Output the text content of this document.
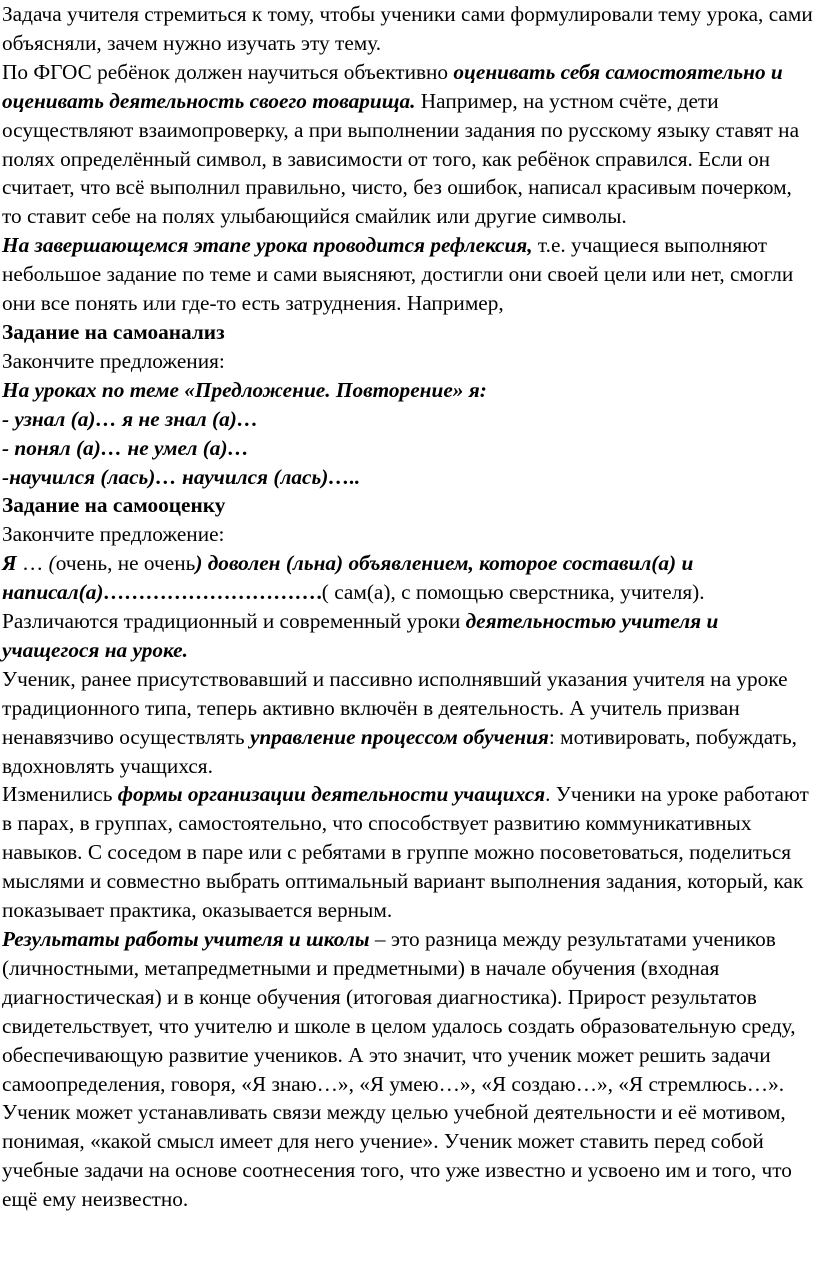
Задача учителя стремиться к тому, чтобы ученики сами формулировали тему урока, сами объясняли, зачем нужно изучать эту тему.

По ФГОС ребёнок должен научиться объективно оценивать себя самостоятельно и оценивать деятельность своего товарища. Например, на устном счёте, дети осуществляют взаимопроверку, а при выполнении задания по русскому языку ставят на полях определённый символ, в зависимости от того, как ребёнок справился. Если он считает, что всё выполнил правильно, чисто, без ошибок, написал красивым почерком, то ставит себе на полях улыбающийся смайлик или другие символы.

На завершающемся этапе урока проводится рефлексия, т.е. учащиеся выполняют небольшое задание по теме и сами выясняют, достигли они своей цели или нет, смогли они все понять или где-то есть затруднения. Например,

Задание на самоанализ

Закончите предложения:

На уроках по теме «Предложение. Повторение» я:

- узнал (а)… я не знал (а)…

- понял (а)… не умел (а)…

-научился (лась)… научился (лась)…..

Задание на самооценку

Закончите предложение:

Я … (очень, не очень) доволен (льна) объявлением, которое составил(а) и написал(а)………………………….( сам(а), с помощью сверстника, учителя).

Различаются традиционный и современный уроки деятельностью учителя и учащегося на уроке.

Ученик, ранее присутствовавший и пассивно исполнявший указания учителя на уроке традиционного типа, теперь активно включён в деятельность. А учитель призван ненавязчиво осуществлять управление процессом обучения: мотивировать, побуждать, вдохновлять учащихся.

Изменились формы организации деятельности учащихся. Ученики на уроке работают в парах, в группах, самостоятельно, что способствует развитию коммуникативных навыков. С соседом в паре или с ребятами в группе можно посоветоваться, поделиться мыслями и совместно выбрать оптимальный вариант выполнения задания, который, как показывает практика, оказывается верным.

Результаты работы учителя и школы – это разница между результатами учеников (личностными, метапредметными и предметными) в начале обучения (входная диагностическая) и в конце обучения (итоговая диагностика). Прирост результатов свидетельствует, что учителю и школе в целом удалось создать образовательную среду, обеспечивающую развитие учеников. А это значит, что ученик может решить задачи самоопределения, говоря, «Я знаю…», «Я умею…», «Я создаю…», «Я стремлюсь…». Ученик может устанавливать связи между целью учебной деятельности и её мотивом, понимая, «какой смысл имеет для него учение». Ученик может ставить перед собой учебные задачи на основе соотнесения того, что уже известно и усвоено им и того, что ещё ему неизвестно.
